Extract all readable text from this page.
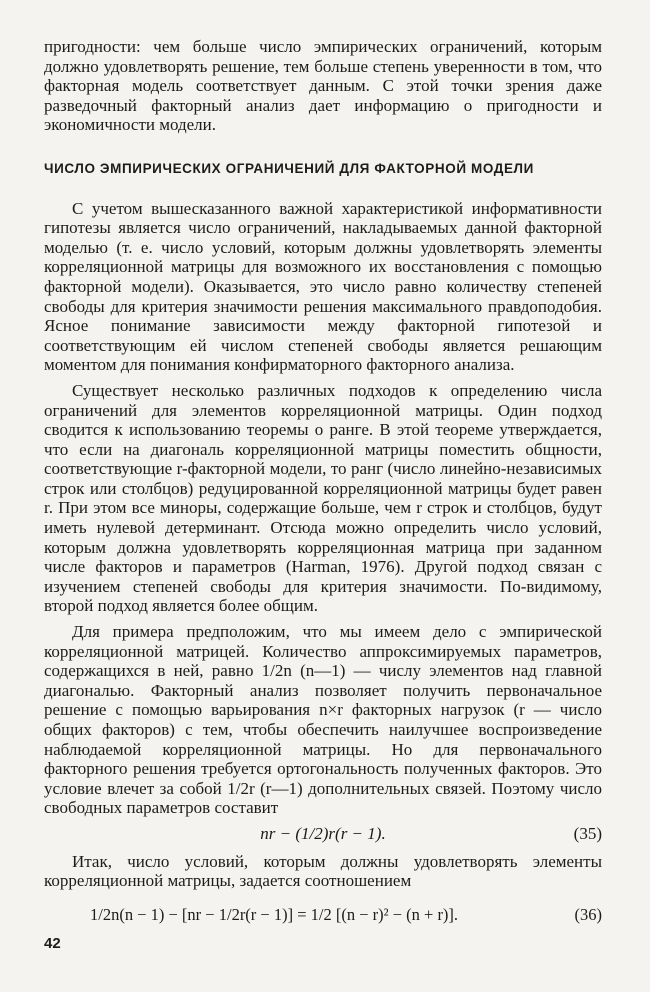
пригодности: чем больше число эмпирических ограничений, которым должно удовлетворять решение, тем больше степень уверенности в том, что факторная модель соответствует данным. С этой точки зрения даже разведочный факторный анализ дает информацию о пригодности и экономичности модели.

ЧИСЛО ЭМПИРИЧЕСКИХ ОГРАНИЧЕНИЙ ДЛЯ ФАКТОРНОЙ МОДЕЛИ

С учетом вышесказанного важной характеристикой информативности гипотезы является число ограничений, накладываемых данной факторной моделью (т. е. число условий, которым должны удовлетворять элементы корреляционной матрицы для возможного их восстановления с помощью факторной модели). Оказывается, это число равно количеству степеней свободы для критерия значимости решения максимального правдоподобия. Ясное понимание зависимости между факторной гипотезой и соответствующим ей числом степеней свободы является решающим моментом для понимания конфирматорного факторного анализа.

Существует несколько различных подходов к определению числа ограничений для элементов корреляционной матрицы. Один подход сводится к использованию теоремы о ранге. В этой теореме утверждается, что если на диагональ корреляционной матрицы поместить общности, соответствующие r-факторной модели, то ранг (число линейно-независимых строк или столбцов) редуцированной корреляционной матрицы будет равен r. При этом все миноры, содержащие больше, чем r строк и столбцов, будут иметь нулевой детерминант. Отсюда можно определить число условий, которым должна удовлетворять корреляционная матрица при заданном числе факторов и параметров (Harman, 1976). Другой подход связан с изучением степеней свободы для критерия значимости. По-видимому, второй подход является более общим.

Для примера предположим, что мы имеем дело с эмпирической корреляционной матрицей. Количество аппроксимируемых параметров, содержащихся в ней, равно 1/2n (n—1) — числу элементов над главной диагональю. Факторный анализ позволяет получить первоначальное решение с помощью варьирования n×r факторных нагрузок (r — число общих факторов) с тем, чтобы обеспечить наилучшее воспроизведение наблюдаемой корреляционной матрицы. Но для первоначального факторного решения требуется ортогональность полученных факторов. Это условие влечет за собой 1/2r (r—1) дополнительных связей. Поэтому число свободных параметров составит

nr − (1/2)r(r − 1).	(35)

Итак, число условий, которым должны удовлетворять элементы корреляционной матрицы, задается соотношением

1/2n(n − 1) − [nr − 1/2r(r − 1)] = 1/2 [(n − r)² − (n + r)].	(36)
42
